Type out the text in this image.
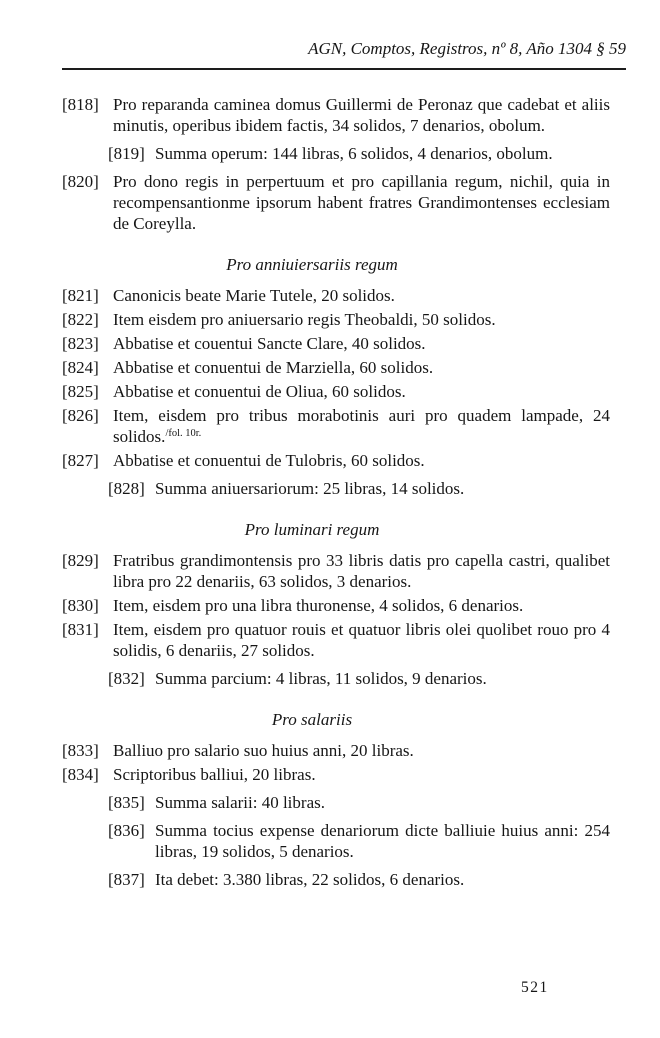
AGN, Comptos, Registros, nº 8, Año 1304 § 59
[818] Pro reparanda caminea domus Guillermi de Peronaz que cadebat et aliis minutis, operibus ibidem factis, 34 solidos, 7 denarios, obolum.
[819] Summa operum: 144 libras, 6 solidos, 4 denarios, obolum.
[820] Pro dono regis in perpertuum et pro capillania regum, nichil, quia in recompensantionme ipsorum habent fratres Grandimontenses ecclesiam de Coreylla.
Pro anniuiersariis regum
[821] Canonicis beate Marie Tutele, 20 solidos.
[822] Item eisdem pro aniuersario regis Theobaldi, 50 solidos.
[823] Abbatise et couentui Sancte Clare, 40 solidos.
[824] Abbatise et conuentui de Marziella, 60 solidos.
[825] Abbatise et conuentui de Oliua, 60 solidos.
[826] Item, eisdem pro tribus morabotinis auri pro quadem lampade, 24 solidos.$^{/fol. 10r.}$
[827] Abbatise et conuentui de Tulobris, 60 solidos.
[828] Summa aniuersariorum: 25 libras, 14 solidos.
Pro luminari regum
[829] Fratribus grandimontensis pro 33 libris datis pro capella castri, qualibet libra pro 22 denariis, 63 solidos, 3 denarios.
[830] Item, eisdem pro una libra thuronense, 4 solidos, 6 denarios.
[831] Item, eisdem pro quatuor rouis et quatuor libris olei quolibet rouo pro 4 solidis, 6 denariis, 27 solidos.
[832] Summa parcium: 4 libras, 11 solidos, 9 denarios.
Pro salariis
[833] Balliuo pro salario suo huius anni, 20 libras.
[834] Scriptoribus balliui, 20 libras.
[835] Summa salarii: 40 libras.
[836] Summa tocius expense denariorum dicte balliuie huius anni: 254 libras, 19 solidos, 5 denarios.
[837] Ita debet: 3.380 libras, 22 solidos, 6 denarios.
521
